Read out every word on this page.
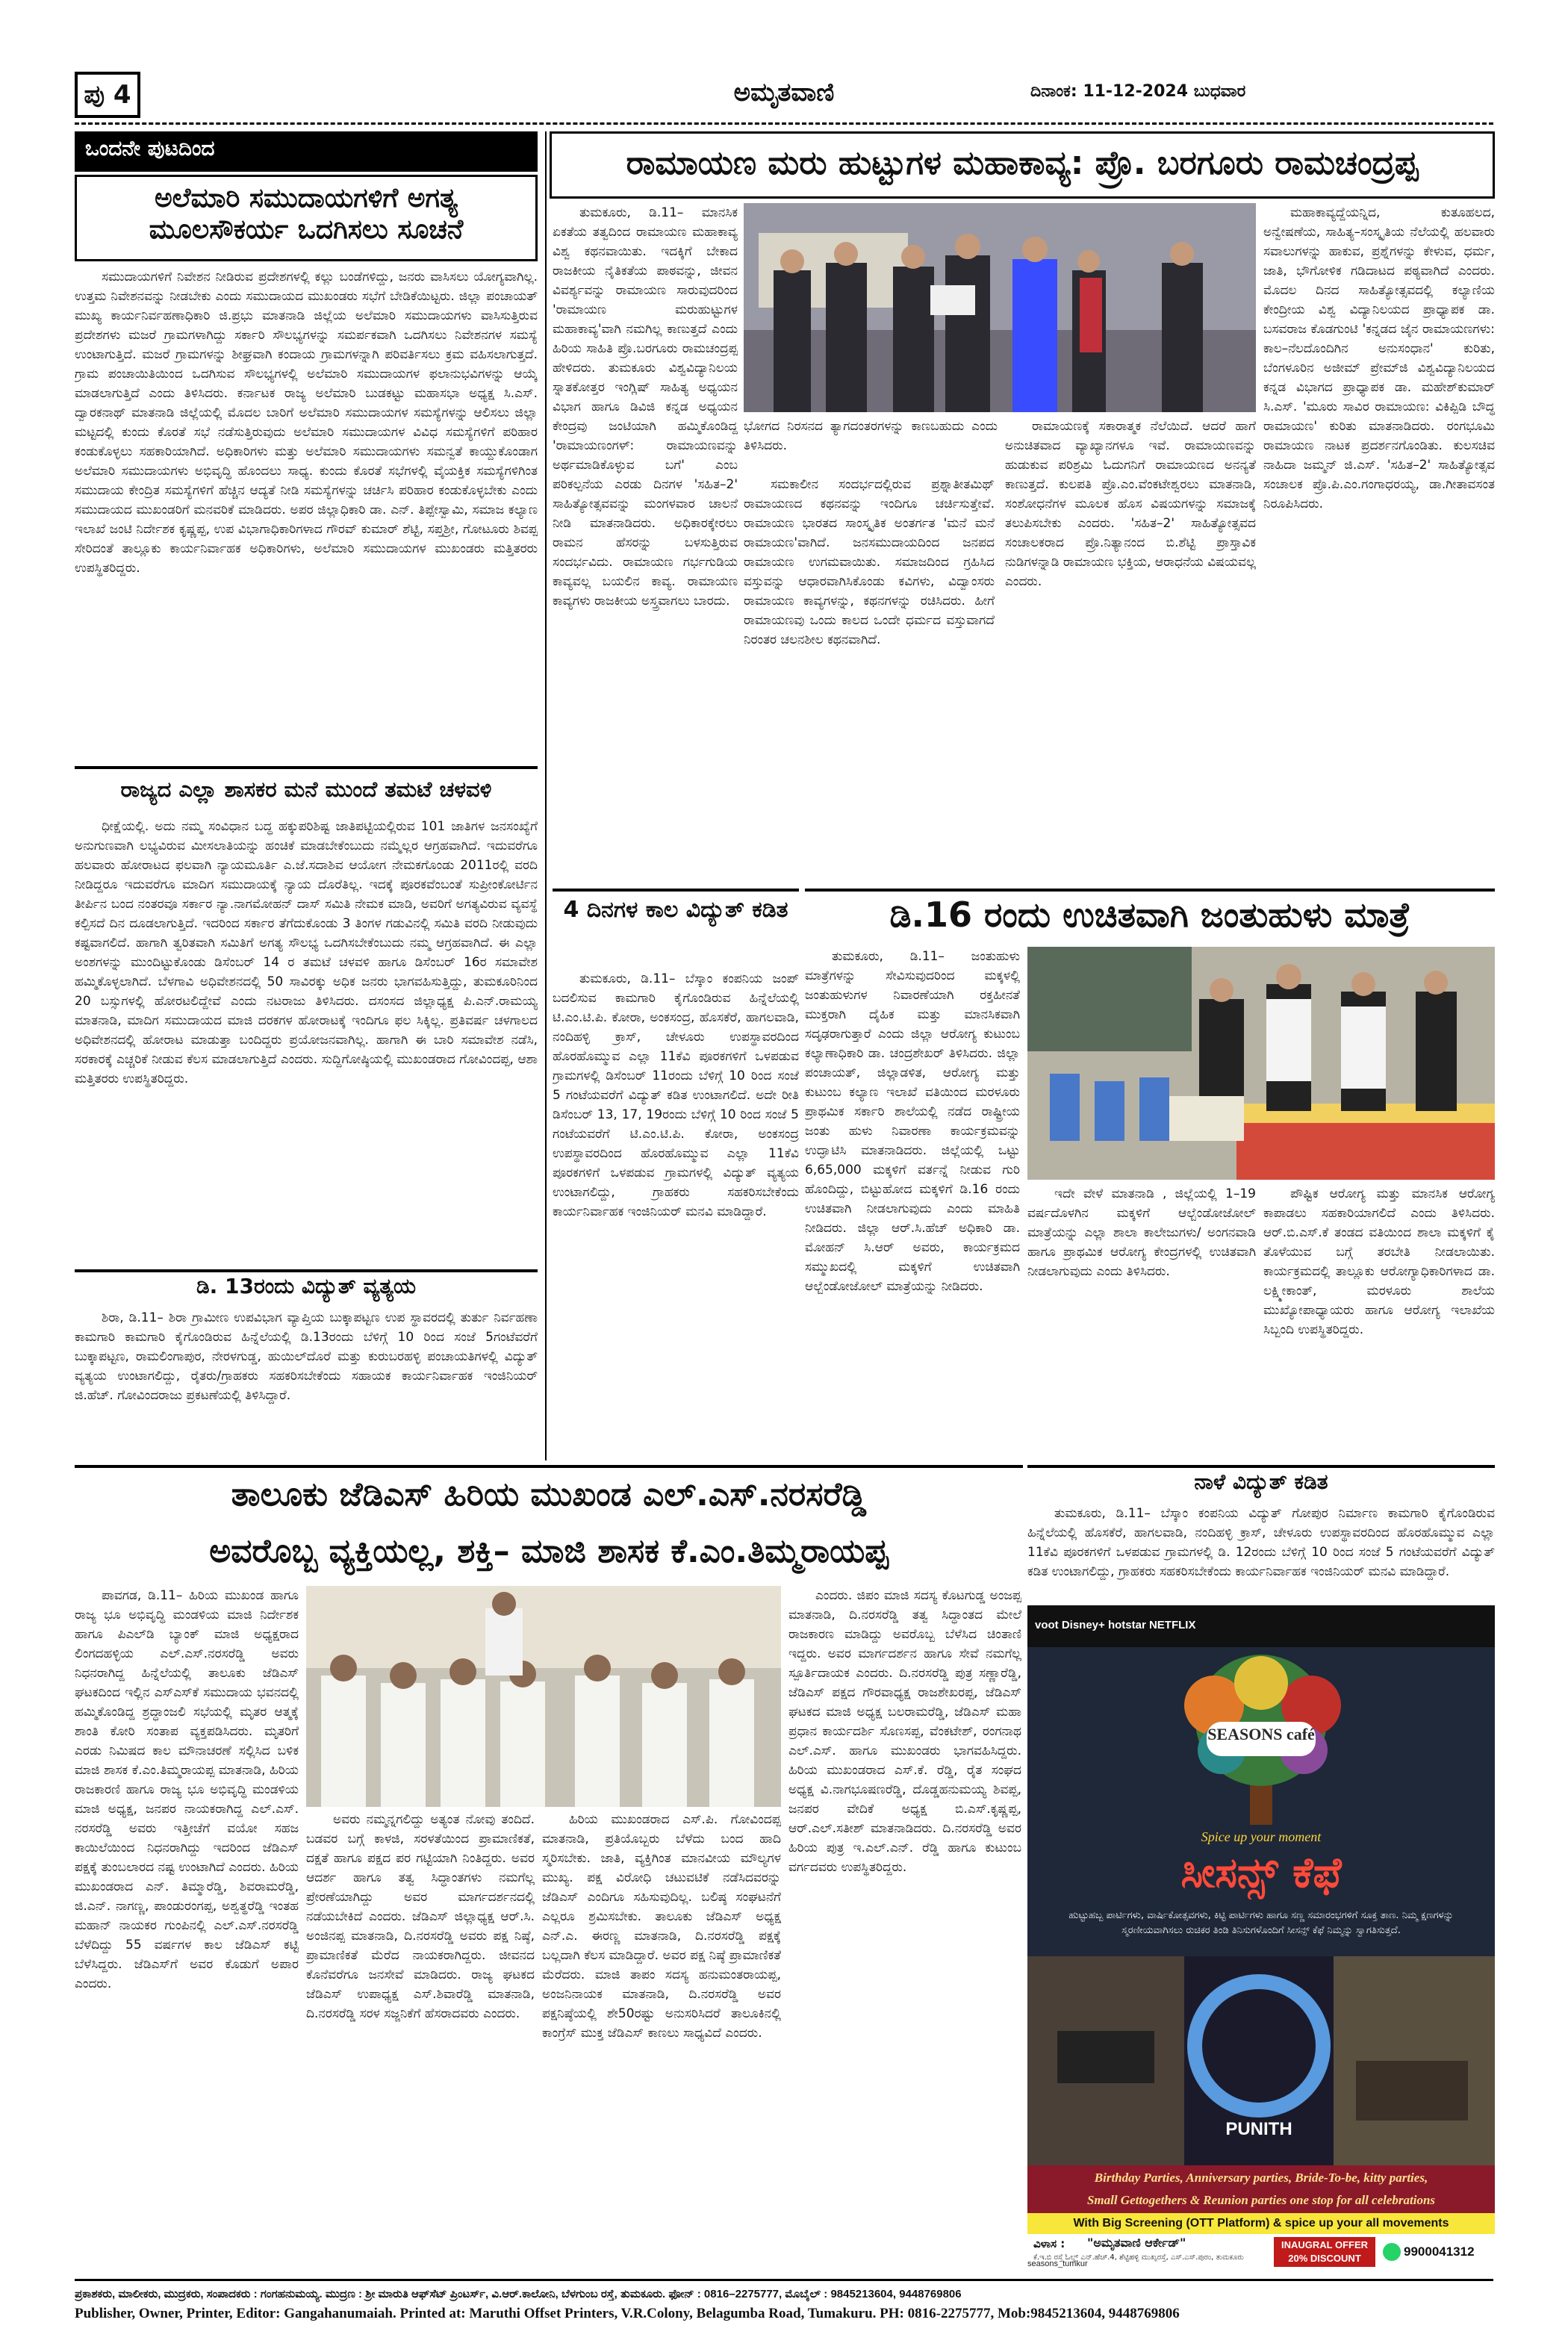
ಪು 4	ಅಮೃತವಾಣಿ	ದಿನಾಂಕ: 11-12-2024 ಬುಧವಾರ
ಒಂದನೇ ಪುಟದಿಂದ
ಅಲೆಮಾರಿ ಸಮುದಾಯಗಳಿಗೆ ಅಗತ್ಯ ಮೂಲಸೌಕರ್ಯ ಒದಗಿಸಲು ಸೂಚನೆ

ಸಮುದಾಯಗಳಿಗೆ ನಿವೇಶನ ನೀಡಿರುವ ಪ್ರದೇಶಗಳಲ್ಲಿ ಕಲ್ಲು ಬಂಡೆಗಳಿದ್ದು, ಜನರು ವಾಸಿಸಲು ಯೋಗ್ಯವಾಗಿಲ್ಲ. ಉತ್ತಮ ನಿವೇಶನವನ್ನು ನೀಡಬೇಕು ಎಂದು ಸಮುದಾಯದ ಮುಖಂಡರು ಸಭೆಗೆ ಬೇಡಿಕೆಯಿಟ್ಟರು. ಜಿಲ್ಲಾ ಪಂಚಾಯತ್ ಮುಖ್ಯ ಕಾರ್ಯನಿರ್ವಹಣಾಧಿಕಾರಿ ಜಿ.ಪ್ರಭು ಮಾತನಾಡಿ ಜಿಲ್ಲೆಯ ಅಲೆಮಾರಿ ಸಮುದಾಯಗಳು ವಾಸಿಸುತ್ತಿರುವ ಪ್ರದೇಶಗಳು ಮಜರೆ ಗ್ರಾಮಗಳಾಗಿದ್ದು ಸರ್ಕಾರಿ ಸೌಲಭ್ಯಗಳನ್ನು ಸಮರ್ಪಕವಾಗಿ ಒದಗಿಸಲು ನಿವೇಶನಗಳ ಸಮಸ್ಯೆ ಉಂಟಾಗುತ್ತಿದೆ. ಮಜರೆ ಗ್ರಾಮಗಳನ್ನು ಶೀಘ್ರವಾಗಿ ಕಂದಾಯ ಗ್ರಾಮಗಳನ್ನಾಗಿ ಪರಿವರ್ತಿಸಲು ಕ್ರಮ ವಹಿಸಲಾಗುತ್ತದೆ. ಗ್ರಾಮ ಪಂಚಾಯಿತಿಯಿಂದ ಒದಗಿಸುವ ಸೌಲಭ್ಯಗಳಲ್ಲಿ ಅಲೆಮಾರಿ ಸಮುದಾಯಗಳ ಫಲಾನುಭವಿಗಳನ್ನು ಆಯ್ಕೆ ಮಾಡಲಾಗುತ್ತಿದೆ ಎಂದು ತಿಳಿಸಿದರು. ಕರ್ನಾಟಕ ರಾಜ್ಯ ಅಲೆಮಾರಿ ಬುಡಕಟ್ಟು ಮಹಾಸಭಾ ಅಧ್ಯಕ್ಷ ಸಿ.ಎಸ್. ದ್ವಾರಕನಾಥ್ ಮಾತನಾಡಿ ಜಿಲ್ಲೆಯಲ್ಲಿ ಮೊದಲ ಬಾರಿಗೆ ಅಲೆಮಾರಿ ಸಮುದಾಯಗಳ ಸಮಸ್ಯೆಗಳನ್ನು ಆಲಿಸಲು ಜಿಲ್ಲಾ ಮಟ್ಟದಲ್ಲಿ ಕುಂದು ಕೊರತೆ ಸಭೆ ನಡೆಸುತ್ತಿರುವುದು ಅಲೆಮಾರಿ ಸಮುದಾಯಗಳ ವಿವಿಧ ಸಮಸ್ಯೆಗಳಿಗೆ ಪರಿಹಾರ ಕಂಡುಕೊಳ್ಳಲು ಸಹಕಾರಿಯಾಗಿದೆ. ಅಧಿಕಾರಿಗಳು ಮತ್ತು ಅಲೆಮಾರಿ ಸಮುದಾಯಗಳು ಸಮನ್ವತೆ ಕಾಯ್ದುಕೊಂಡಾಗ ಅಲೆಮಾರಿ ಸಮುದಾಯಗಳು ಅಭಿವೃದ್ಧಿ ಹೊಂದಲು ಸಾಧ್ಯ. ಕುಂದು ಕೊರತೆ ಸಭೆಗಳಲ್ಲಿ ವೈಯಕ್ತಿಕ ಸಮಸ್ಯೆಗಳಿಗಿಂತ ಸಮುದಾಯ ಕೇಂದ್ರಿತ ಸಮಸ್ಯೆಗಳಿಗೆ ಹೆಚ್ಚಿನ ಆದ್ಯತೆ ನೀಡಿ ಸಮಸ್ಯೆಗಳನ್ನು ಚರ್ಚಿಸಿ ಪರಿಹಾರ ಕಂಡುಕೊಳ್ಳಬೇಕು ಎಂದು ಸಮುದಾಯದ ಮುಖಂಡರಿಗೆ ಮನವರಿಕೆ ಮಾಡಿದರು. ಅಪರ ಜಿಲ್ಲಾಧಿಕಾರಿ ಡಾ. ಎನ್. ತಿಪ್ಪೇಸ್ವಾಮಿ, ಸಮಾಜ ಕಲ್ಯಾಣ ಇಲಾಖೆ ಜಂಟಿ ನಿರ್ದೇಶಕ ಕೃಷ್ಣಪ್ಪ, ಉಪ ವಿಭಾಗಾಧಿಕಾರಿಗಳಾದ ಗೌರವ್ ಕುಮಾರ್ ಶೆಟ್ಟಿ, ಸಪ್ತಶ್ರೀ, ಗೋಟೂರು ಶಿವಪ್ಪ ಸೇರಿದಂತೆ ತಾಲ್ಲೂಕು ಕಾರ್ಯನಿರ್ವಾಹಕ ಅಧಿಕಾರಿಗಳು, ಅಲೆಮಾರಿ ಸಮುದಾಯಗಳ ಮುಖಂಡರು ಮತ್ತಿತರರು ಉಪಸ್ಥಿತರಿದ್ದರು.

ರಾಜ್ಯದ ಎಲ್ಲಾ ಶಾಸಕರ ಮನೆ ಮುಂದೆ ತಮಟೆ ಚಳವಳಿ

ಧೀಕ್ಷೆಯಲ್ಲಿ. ಅದು ನಮ್ಮ ಸಂವಿಧಾನ ಬದ್ಧ ಹಕ್ಕುಪರಿಶಿಷ್ಟ ಜಾತಿಪಟ್ಟಿಯಲ್ಲಿರುವ 101 ಜಾತಿಗಳ ಜನಸಂಖ್ಯೆಗೆ ಅನುಗುಣವಾಗಿ ಲಭ್ಯವಿರುವ ಮೀಸಲಾತಿಯನ್ನು ಹಂಚಿಕೆ ಮಾಡಬೇಕೆಂಬುದು ನಮ್ಮೆಲ್ಲರ ಆಗ್ರಹವಾಗಿದೆ. ಇದುವರೆಗೂ ಹಲವಾರು ಹೋರಾಟದ ಫಲವಾಗಿ ನ್ಯಾಯಮೂರ್ತಿ ಎ.ಜೆ.ಸದಾಶಿವ ಆಯೋಗ ನೇಮಕಗೊಂಡು 2011ರಲ್ಲಿ ವರದಿ ನೀಡಿದ್ದರೂ ಇದುವರೆಗೂ ಮಾದಿಗ ಸಮುದಾಯಕ್ಕೆ ನ್ಯಾಯ ದೊರೆತಿಲ್ಲ. ಇದಕ್ಕೆ ಪೂರಕವೆಂಬಂತೆ ಸುಪ್ರೀಂಕೋರ್ಟಿನ ತೀರ್ಪಿನ ಬಂದ ನಂತರವೂ ಸರ್ಕಾರ ನ್ಯಾ.ನಾಗಮೋಹನ್ ದಾಸ್ ಸಮಿತಿ ನೇಮಕ ಮಾಡಿ, ಅವರಿಗೆ ಅಗತ್ಯವಿರುವ ವ್ಯವಸ್ಥೆ ಕಲ್ಪಿಸದೆ ದಿನ ದೂಡಲಾಗುತ್ತಿದೆ. ಇದರಿಂದ ಸರ್ಕಾರ ತೆಗೆದುಕೊಂಡು 3 ತಿಂಗಳ ಗಡುವಿನಲ್ಲಿ ಸಮಿತಿ ವರದಿ ನೀಡುವುದು ಕಷ್ಟವಾಗಲಿದೆ. ಹಾಗಾಗಿ ತ್ವರಿತವಾಗಿ ಸಮಿತಿಗೆ ಅಗತ್ಯ ಸೌಲಭ್ಯ ಒದಗಿಸಬೇಕೆಂಬುದು ನಮ್ಮ ಆಗ್ರಹವಾಗಿದೆ. ಈ ಎಲ್ಲಾ ಅಂಶಗಳನ್ನು ಮುಂದಿಟ್ಟುಕೊಂಡು ಡಿಸೆಂಬರ್ 14 ರ ತಮಟೆ ಚಳವಳಿ ಹಾಗೂ ಡಿಸೆಂಬರ್ 16ರ ಸಮಾವೇಶ ಹಮ್ಮಿಕೊಳ್ಳಲಾಗಿದೆ. ಬೆಳಗಾವಿ ಅಧಿವೇಶನದಲ್ಲಿ 50 ಸಾವಿರಕ್ಕು ಅಧಿಕ ಜನರು ಭಾಗವಹಿಸುತ್ತಿದ್ದು, ತುಮಕೂರಿನಿಂದ 20 ಬಸ್ಸುಗಳಲ್ಲಿ ಹೋರಟಲಿದ್ದೇವೆ ಎಂದು ನಟರಾಜು ತಿಳಿಸಿದರು. ದಸಂಸದ ಜಿಲ್ಲಾಧ್ಯಕ್ಷ ಪಿ.ಎನ್.ರಾಮಯ್ಯ ಮಾತನಾಡಿ, ಮಾದಿಗ ಸಮುದಾಯದ ಮಾಜಿ ದರಕಗಳ ಹೋರಾಟಕ್ಕೆ ಇಂದಿಗೂ ಫಲ ಸಿಕ್ಕಿಲ್ಲ. ಪ್ರತಿವರ್ಷ ಚಳಗಾಲದ ಅಧಿವೇಶನದಲ್ಲಿ ಹೋರಾಟ ಮಾಡುತ್ತಾ ಬಂದಿದ್ದರು ಪ್ರಯೋಜನವಾಗಿಲ್ಲ. ಹಾಗಾಗಿ ಈ ಬಾರಿ ಸಮಾವೇಶ ನಡೆಸಿ, ಸರಕಾರಕ್ಕೆ ಎಚ್ಚರಿಕೆ ನೀಡುವ ಕೆಲಸ ಮಾಡಲಾಗುತ್ತಿದೆ ಎಂದರು. ಸುದ್ದಿಗೋಷ್ಠಿಯಲ್ಲಿ ಮುಖಂಡರಾದ ಗೋವಿಂದಪ್ಪ, ಆಶಾ ಮತ್ತಿತರರು ಉಪಸ್ಥಿತರಿದ್ದರು.

ಡಿ. 13ರಂದು ವಿದ್ಯುತ್ ವ್ಯತ್ಯಯ

ಶಿರಾ, ಡಿ.11– ಶಿರಾ ಗ್ರಾಮೀಣ ಉಪವಿಭಾಗ ವ್ಯಾಪ್ತಿಯ ಬುಕ್ಕಾಪಟ್ಟಣ ಉಪ ಸ್ಥಾವರದಲ್ಲಿ ತುರ್ತು ನಿರ್ವಹಣಾ ಕಾಮಗಾರಿ ಕಾಮಗಾರಿ ಕೈಗೊಂಡಿರುವ ಹಿನ್ನೆಲೆಯಲ್ಲಿ ಡಿ.13ರಂದು ಬೆಳಿಗ್ಗೆ 10 ರಿಂದ ಸಂಜೆ 5ಗಂಟೆವರೆಗೆ ಬುಕ್ಕಾಪಟ್ಟಣ, ರಾಮಲಿಂಗಾಪುರ, ನೇರಳಗುಡ್ಡ, ಹುಯಿಲ್‌ದೊರೆ ಮತ್ತು ಕುರುಬರಹಳ್ಳಿ ಪಂಚಾಯತಿಗಳಲ್ಲಿ ವಿದ್ಯುತ್ ವ್ಯತ್ಯಯ ಉಂಟಾಗಲಿದ್ದು, ರೈತರು/ಗ್ರಾಹಕರು ಸಹಕರಿಸಬೇಕೆಂದು ಸಹಾಯಕ ಕಾರ್ಯನಿರ್ವಾಹಕ ಇಂಜಿನಿಯರ್ ಜಿ.ಹೆಚ್. ಗೋವಿಂದರಾಜು ಪ್ರಕಟಣೆಯಲ್ಲಿ ತಿಳಿಸಿದ್ದಾರೆ.

ರಾಮಾಯಣ ಮರು ಹುಟ್ಟುಗಳ ಮಹಾಕಾವ್ಯ: ಪ್ರೊ. ಬರಗೂರು ರಾಮಚಂದ್ರಪ್ಪ

ತುಮಕೂರು, ಡಿ.11– ಮಾನಸಿಕ ಏಕತೆಯ ತತ್ವದಿಂದ ರಾಮಾಯಣ ಮಹಾಕಾವ್ಯ ವಿಶ್ವ ಕಥನವಾಯಿತು. ಇದಕ್ಕಿಗೆ ಬೇಕಾದ ರಾಜಕೀಯ ನೈತಿಕತೆಯ ಪಾಠವನ್ನು, ಜೀವನ ವಿವರ್ಶ್ಯವನ್ನು ರಾಮಾಯಣ ಸಾರುವುದರಿಂದ 'ರಾಮಾಯಣ ಮರುಹುಟ್ಟುಗಳ ಮಹಾಕಾವ್ಯ'ವಾಗಿ ನಮಗಿಲ್ಲ ಕಾಣುತ್ತದೆ ಎಂದು ಹಿರಿಯ ಸಾಹಿತಿ ಪ್ರೊ.ಬರಗೂರು ರಾಮಚಂದ್ರಪ್ಪ ಹೇಳಿದರು. ತುಮಕೂರು ವಿಶ್ವವಿದ್ಯಾನಿಲಯ ಸ್ನಾತಕೋತ್ತರ ಇಂಗ್ಲಿಷ್ ಸಾಹಿತ್ಯ ಅಧ್ಯಯನ ವಿಭಾಗ ಹಾಗೂ ಡಿವಿಜಿ ಕನ್ನಡ ಅಧ್ಯಯನ ಕೇಂದ್ರವು ಜಂಟಿಯಾಗಿ ಹಮ್ಮಿಕೊಂಡಿದ್ದ 'ರಾಮಾಯಣಂಗಳ್: ರಾಮಾಯಣವನ್ನು ಅರ್ಥಮಾಡಿಕೊಳ್ಳುವ ಬಗೆ' ಎಂಬ ಪರಿಕಲ್ಪನೆಯ ಎರಡು ದಿನಗಳ 'ಸಹಿತ–2' ಸಾಹಿತ್ಯೋತ್ಸವವನ್ನು ಮಂಗಳವಾರ ಚಾಲನೆ ನೀಡಿ ಮಾತನಾಡಿದರು. ಅಧಿಕಾರಕ್ಕೇರಲು ರಾಮನ ಹೆಸರನ್ನು ಬಳಸುತ್ತಿರುವ ಸಂದರ್ಭವಿದು. ರಾಮಾಯಣ ಗರ್ಭಗುಡಿಯ ಕಾವ್ಯವಲ್ಲ ಬಯಲಿನ ಕಾವ್ಯ. ರಾಮಾಯಣ ಕಾವ್ಯಗಳು ರಾಜಕೀಯ ಅಸ್ತ್ರವಾಗಲು ಬಾರದು.

ಭೋಗದ ನಿರಸನದ ತ್ಯಾಗದಂತರಗಳನ್ನು ಕಾಣಬಹುದು ಎಂದು ತಿಳಿಸಿದರು.

ಸಮಕಾಲೀನ ಸಂದರ್ಭದಲ್ಲಿರುವ ಪ್ರಶ್ನಾತೀತಮಿಥ್ ರಾಮಾಯಣದ ಕಥನವನ್ನು ಇಂದಿಗೂ ಚರ್ಚಿಸುತ್ತೇವೆ. ರಾಮಾಯಣ ಭಾರತದ ಸಾಂಸ್ಕೃತಿಕ ಅಂತರ್ಗತ 'ಮನೆ ಮನೆ ರಾಮಾಯಣ'ವಾಗಿದೆ. ಜನಸಮುದಾಯದಿಂದ ಜನಪದ ರಾಮಾಯಣ ಉಗಮವಾಯಿತು. ಸಮಾಜದಿಂದ ಗ್ರಹಿಸಿದ ವಸ್ತುವನ್ನು ಆಧಾರವಾಗಿಸಿಕೊಂಡು ಕವಿಗಳು, ವಿದ್ವಾಂಸರು ರಾಮಾಯಣ ಕಾವ್ಯಗಳನ್ನು, ಕಥನಗಳನ್ನು ರಚಿಸಿದರು. ಹೀಗೆ ರಾಮಾಯಣವು ಒಂದು ಕಾಲದ ಒಂದೇ ಧರ್ಮದ ವಸ್ತುವಾಗದೆ ನಿರಂತರ ಚಲನಶೀಲ ಕಥನವಾಗಿದೆ.

ರಾಮಾಯಣಕ್ಕೆ ಸಕಾರಾತ್ಮಕ ನೆಲೆಯಿದೆ. ಆದರೆ ಹಾಗೆ ಅನುಚಿತವಾದ ವ್ಯಾಖ್ಯಾನಗಳೂ ಇವೆ. ರಾಮಾಯಣವನ್ನು ಹುಡುಕುವ ಪರಿಶ್ರಮಿ ಓದುಗನಿಗೆ ರಾಮಾಯಣದ ಅನನ್ಯತೆ ಕಾಣುತ್ತದೆ. ಕುಲಪತಿ ಪ್ರೊ.ಎಂ.ವೆಂಕಟೇಶ್ವರಲು ಮಾತನಾಡಿ, ಸಂಶೋಧನೆಗಳ ಮೂಲಕ ಹೊಸ ವಿಷಯಗಳನ್ನು ಸಮಾಜಕ್ಕೆ ತಲುಪಿಸಬೇಕು ಎಂದರು. 'ಸಹಿತ–2' ಸಾಹಿತ್ಯೋತ್ಸವದ ಸಂಚಾಲಕರಾದ ಪ್ರೊ.ನಿತ್ಯಾನಂದ ಬಿ.ಶೆಟ್ಟಿ ಪ್ರಾಸ್ತಾವಿಕ ನುಡಿಗಳನ್ನಾಡಿ ರಾಮಾಯಣ ಭಕ್ತಿಯ, ಆರಾಧನೆಯ ವಿಷಯವಲ್ಲ ಎಂದರು.

ಮಹಾಕಾವ್ಯದ್ದೆಯನ್ನಿದ, ಕುತೂಹಲದ, ಅನ್ವೇಷಣೆಯ, ಸಾಹಿತ್ಯ–ಸಂಸ್ಕೃತಿಯ ನೆಲೆಯಲ್ಲಿ ಹಲವಾರು ಸವಾಲುಗಳನ್ನು ಹಾಕುವ, ಪ್ರಶ್ನೆಗಳನ್ನು ಕೇಳುವ, ಧರ್ಮ, ಜಾತಿ, ಭೌಗೋಳಿಕ ಗಡಿದಾಟದ ಪಠ್ಯವಾಗಿದೆ ಎಂದರು. ಮೊದಲ ದಿನದ ಸಾಹಿತ್ಯೋತ್ಸವದಲ್ಲಿ ಕಲ್ಯಾಣಿಯ ಕೇಂದ್ರೀಯ ವಿಶ್ವ ವಿದ್ಯಾನಿಲಯದ ಪ್ರಾಧ್ಯಾಪಕ ಡಾ. ಬಸವರಾಜ ಕೊಡಗುಂಟಿ 'ಕನ್ನಡದ ಜೈನ ರಾಮಾಯಣಗಳು: ಕಾಲ–ನೆಲದೊಂದಿಗಿನ ಅನುಸಂಧಾನ' ಕುರಿತು, ಬೆಂಗಳೂರಿನ ಅಜೀಮ್ ಪ್ರೇಮ್‌ಜಿ ವಿಶ್ವವಿದ್ಯಾನಿಲಯದ ಕನ್ನಡ ವಿಭಾಗದ ಪ್ರಾಧ್ಯಾಪಕ ಡಾ. ಮಹೇಶ್‌ಕುಮಾರ್ ಸಿ.ಎಸ್. 'ಮೂರು ಸಾವಿರ ರಾಮಾಯಣ: ವಿಕಿಪ್ಪಿಡಿ ಬೌದ್ಧ ರಾಮಾಯಣ' ಕುರಿತು ಮಾತನಾಡಿದರು. ರಂಗಭೂಮಿ ರಾಮಾಯಣ ನಾಟಕ ಪ್ರದರ್ಶನಗೊಂಡಿತು. ಕುಲಸಚಿವ ನಾಹಿದಾ ಜಮ್ಮನ್ ಜಿ.ಎಸ್. 'ಸಹಿತ–2' ಸಾಹಿತ್ಯೋತ್ಸವ ಸಂಚಾಲಕ ಪ್ರೊ.ಪಿ.ಎಂ.ಗಂಗಾಧರಯ್ಯ, ಡಾ.ಗೀತಾವಸಂತ ನಿರೂಪಿಸಿದರು.

4 ದಿನಗಳ ಕಾಲ ವಿದ್ಯುತ್ ಕಡಿತ

ತುಮಕೂರು, ಡಿ.11– ಬೆಸ್ಕಾಂ ಕಂಪನಿಯ ಜಂಪ್ ಬದಲಿಸುವ ಕಾಮಗಾರಿ ಕೈಗೊಂಡಿರುವ ಹಿನ್ನೆಲೆಯಲ್ಲಿ ಟಿ.ಎಂ.ಟಿ.ಪಿ. ಕೋರಾ, ಅಂಕಸಂದ್ರ, ಹೊಸಕೆರೆ, ಹಾಗಲವಾಡಿ, ನಂದಿಹಳ್ಳಿ ಕ್ರಾಸ್, ಚೇಳೂರು ಉಪಸ್ಥಾವರದಿಂದ ಹೊರಹೊಮ್ಮುವ ಎಲ್ಲಾ 11ಕೆವಿ ಪೂರಕಗಳಿಗೆ ಒಳಪಡುವ ಗ್ರಾಮಗಳಲ್ಲಿ ಡಿಸೆಂಬರ್ 11ರಂದು ಬೆಳಿಗ್ಗೆ 10 ರಿಂದ ಸಂಜೆ 5 ಗಂಟೆಯವರೆಗೆ ವಿದ್ಯುತ್ ಕಡಿತ ಉಂಟಾಗಲಿದೆ. ಅದೇ ರೀತಿ ಡಿಸೆಂಬರ್ 13, 17, 19ರಂದು ಬೆಳಿಗ್ಗೆ 10 ರಿಂದ ಸಂಜೆ 5 ಗಂಟೆಯವರೆಗೆ ಟಿ.ಎಂ.ಟಿ.ಪಿ. ಕೋರಾ, ಅಂಕಸಂದ್ರ ಉಪಸ್ಥಾವರದಿಂದ ಹೊರಹೊಮ್ಮುವ ಎಲ್ಲಾ 11ಕೆವಿ ಪೂರಕಗಳಿಗೆ ಒಳಪಡುವ ಗ್ರಾಮಗಳಲ್ಲಿ ವಿದ್ಯುತ್ ವ್ಯತ್ಯಯ ಉಂಟಾಗಲಿದ್ದು, ಗ್ರಾಹಕರು ಸಹಕರಿಸಬೇಕೆಂದು ಕಾರ್ಯನಿರ್ವಾಹಕ ಇಂಜಿನಿಯರ್ ಮನವಿ ಮಾಡಿದ್ದಾರೆ.

ಡಿ.16 ರಂದು ಉಚಿತವಾಗಿ ಜಂತುಹುಳು ಮಾತ್ರೆ

ತುಮಕೂರು, ಡಿ.11– ಜಂತುಹುಳು ಮಾತ್ರೆಗಳನ್ನು ಸೇವಿಸುವುದರಿಂದ ಮಕ್ಕಳಲ್ಲಿ ಜಂತುಹುಳುಗಳ ನಿವಾರಣೆಯಾಗಿ ರಕ್ತಹೀನತೆ ಮುಕ್ತರಾಗಿ ದೈಹಿಕ ಮತ್ತು ಮಾನಸಿಕವಾಗಿ ಸದೃಢರಾಗುತ್ತಾರೆ ಎಂದು ಜಿಲ್ಲಾ ಆರೋಗ್ಯ ಕುಟುಂಬ ಕಲ್ಯಾಣಾಧಿಕಾರಿ ಡಾ. ಚಂದ್ರಶೇಖರ್ ತಿಳಿಸಿದರು. ಜಿಲ್ಲಾ ಪಂಚಾಯತ್, ಜಿಲ್ಲಾಡಳಿತ, ಆರೋಗ್ಯ ಮತ್ತು ಕುಟುಂಬ ಕಲ್ಯಾಣ ಇಲಾಖೆ ವತಿಯಿಂದ ಮರಳೂರು ಪ್ರಾಥಮಿಕ ಸರ್ಕಾರಿ ಶಾಲೆಯಲ್ಲಿ ನಡೆದ ರಾಷ್ಟ್ರೀಯ ಜಂತು ಹುಳು ನಿವಾರಣಾ ಕಾರ್ಯಕ್ರಮವನ್ನು ಉದ್ಘಾಟಿಸಿ ಮಾತನಾಡಿದರು. ಜಿಲ್ಲೆಯಲ್ಲಿ ಒಟ್ಟು 6,65,000 ಮಕ್ಕಳಿಗೆ ವರ್ತನ್ನೆ ನೀಡುವ ಗುರಿ ಹೊಂದಿದ್ದು, ಬಿಟ್ಟುಹೋದ ಮಕ್ಕಳಿಗೆ ಡಿ.16 ರಂದು ಉಚಿತವಾಗಿ ನೀಡಲಾಗುವುದು ಎಂದು ಮಾಹಿತಿ ನೀಡಿದರು. ಜಿಲ್ಲಾ ಆರ್.ಸಿ.ಹೆಚ್ ಅಧಿಕಾರಿ ಡಾ. ಮೋಹನ್ ಸಿ.ಆರ್ ಅವರು, ಕಾರ್ಯಕ್ರಮದ ಸಮ್ಮುಖದಲ್ಲಿ ಮಕ್ಕಳಿಗೆ ಉಚಿತವಾಗಿ ಆಲ್ಬೆಂಡೋಜೋಲ್ ಮಾತ್ರೆಯನ್ನು ನೀಡಿದರು.

ಇದೇ ವೇಳೆ ಮಾತನಾಡಿ , ಜಿಲ್ಲೆಯಲ್ಲಿ 1–19 ವರ್ಷದೊಳಗಿನ ಮಕ್ಕಳಿಗೆ ಆಲ್ಬೆಂಡೋಜೋಲ್ ಮಾತ್ರೆಯನ್ನು ಎಲ್ಲಾ ಶಾಲಾ ಕಾಲೇಜುಗಳು/ ಅಂಗನವಾಡಿ ಹಾಗೂ ಪ್ರಾಥಮಿಕ ಆರೋಗ್ಯ ಕೇಂದ್ರಗಳಲ್ಲಿ ಉಚಿತವಾಗಿ ನೀಡಲಾಗುವುದು ಎಂದು ತಿಳಿಸಿದರು.

ಪೌಷ್ಟಿಕ ಆರೋಗ್ಯ ಮತ್ತು ಮಾನಸಿಕ ಆರೋಗ್ಯ ಕಾಪಾಡಲು ಸಹಕಾರಿಯಾಗಲಿದೆ ಎಂದು ತಿಳಿಸಿದರು. ಆರ್.ಬಿ.ಎಸ್.ಕೆ ತಂಡದ ವತಿಯಿಂದ ಶಾಲಾ ಮಕ್ಕಳಿಗೆ ಕೈ ತೊಳೆಯುವ ಬಗ್ಗೆ ತರಬೇತಿ ನೀಡಲಾಯಿತು. ಕಾರ್ಯಕ್ರಮದಲ್ಲಿ ತಾಲ್ಲೂಕು ಆರೋಗ್ಯಾಧಿಕಾರಿಗಳಾದ ಡಾ. ಲಕ್ಷ್ಮೀಕಾಂತ್, ಮರಳೂರು ಶಾಲೆಯ ಮುಖ್ಯೋಪಾಧ್ಯಾಯರು ಹಾಗೂ ಆರೋಗ್ಯ ಇಲಾಖೆಯ ಸಿಬ್ಬಂದಿ ಉಪಸ್ಥಿತರಿದ್ದರು.

ನಾಳೆ ವಿದ್ಯುತ್ ಕಡಿತ

ತುಮಕೂರು, ಡಿ.11– ಬೆಸ್ಕಾಂ ಕಂಪನಿಯ ವಿದ್ಯುತ್ ಗೋಪುರ ನಿರ್ಮಾಣ ಕಾಮಗಾರಿ ಕೈಗೊಂಡಿರುವ ಹಿನ್ನೆಲೆಯಲ್ಲಿ ಹೊಸಕೆರೆ, ಹಾಗಲವಾಡಿ, ನಂದಿಹಳ್ಳಿ ಕ್ರಾಸ್, ಚೇಳೂರು ಉಪಸ್ಥಾವರದಿಂದ ಹೊರಹೊಮ್ಮುವ ಎಲ್ಲಾ 11ಕೆವಿ ಪೂರಕಗಳಿಗೆ ಒಳಪಡುವ ಗ್ರಾಮಗಳಲ್ಲಿ ಡಿ. 12ರಂದು ಬೆಳಿಗ್ಗೆ 10 ರಿಂದ ಸಂಜೆ 5 ಗಂಟೆಯವರೆಗೆ ವಿದ್ಯುತ್ ಕಡಿತ ಉಂಟಾಗಲಿದ್ದು, ಗ್ರಾಹಕರು ಸಹಕರಿಸಬೇಕೆಂದು ಕಾರ್ಯನಿರ್ವಾಹಕ ಇಂಜಿನಿಯರ್ ಮನವಿ ಮಾಡಿದ್ದಾರೆ.

ತಾಲೂಕು ಜೆಡಿಎಸ್ ಹಿರಿಯ ಮುಖಂಡ ಎಲ್.ಎಸ್.ನರಸರೆಡ್ಡಿ
ಅವರೊಬ್ಬ ವ್ಯಕ್ತಿಯಲ್ಲ, ಶಕ್ತಿ– ಮಾಜಿ ಶಾಸಕ ಕೆ.ಎಂ.ತಿಮ್ಮರಾಯಪ್ಪ

ಪಾವಗಡ, ಡಿ.11– ಹಿರಿಯ ಮುಖಂಡ ಹಾಗೂ ರಾಜ್ಯ ಭೂ ಅಭಿವೃದ್ಧಿ ಮಂಡಳಿಯ ಮಾಜಿ ನಿರ್ದೇಶಕ ಹಾಗೂ ಪಿಎಲ್‌ಡಿ ಬ್ಯಾಂಕ್ ಮಾಜಿ ಅಧ್ಯಕ್ಷರಾದ ಲಿಂಗದಹಳ್ಳಿಯ ಎಲ್.ಎಸ್.ನರಸರೆಡ್ಡಿ ಅವರು ನಿಧನರಾಗಿದ್ದ ಹಿನ್ನೆಲೆಯಲ್ಲಿ ತಾಲೂಕು ಜೆಡಿಎಸ್ ಘಟಕದಿಂದ ಇಲ್ಲಿನ ಎಸ್‌ಎಸ್‌ಕೆ ಸಮುದಾಯ ಭವನದಲ್ಲಿ ಹಮ್ಮಿಕೊಂಡಿದ್ದ ಶ್ರದ್ಧಾಂಜಲಿ ಸಭೆಯಲ್ಲಿ ಮೃತರ ಆತ್ಮಕ್ಕೆ ಶಾಂತಿ ಕೋರಿ ಸಂತಾಪ ವ್ಯಕ್ತಪಡಿಸಿದರು. ಮೃತರಿಗೆ ಎರಡು ನಿಮಿಷದ ಕಾಲ ಮೌನಾಚರಣೆ ಸಲ್ಲಿಸಿದ ಬಳಿಕ ಮಾಜಿ ಶಾಸಕ ಕೆ.ಎಂ.ತಿಮ್ಮರಾಯಪ್ಪ ಮಾತನಾಡಿ, ಹಿರಿಯ ರಾಜಕಾರಣಿ ಹಾಗೂ ರಾಜ್ಯ ಭೂ ಅಭಿವೃದ್ಧಿ ಮಂಡಳಿಯ ಮಾಜಿ ಅಧ್ಯಕ್ಷ, ಜನಪರ ನಾಯಕರಾಗಿದ್ದ ಎಲ್.ಎಸ್. ನರಸರೆಡ್ಡಿ ಅವರು ಇತ್ತೀಚೆಗೆ ವಯೋ ಸಹಜ ಕಾಯಿಲೆಯಿಂದ ನಿಧನರಾಗಿದ್ದು ಇದರಿಂದ ಜೆಡಿಎಸ್ ಪಕ್ಷಕ್ಕೆ ತುಂಬಲಾರದ ನಷ್ಟ ಉಂಟಾಗಿದೆ ಎಂದರು. ಹಿರಿಯ ಮುಖಂಡರಾದ ಎನ್. ತಿಮ್ಮಾರೆಡ್ಡಿ, ಶಿವರಾಮರೆಡ್ಡಿ, ಜಿ.ಎನ್. ನಾಗಣ್ಣ, ಪಾಂಡುರಂಗಪ್ಪ, ಅಶ್ವತ್ಥರೆಡ್ಡಿ ಇಂತಹ ಮಹಾನ್ ನಾಯಕರ ಗುಂಪಿನಲ್ಲಿ ಎಲ್.ಎಸ್.ನರಸರೆಡ್ಡಿ ಬೆಳೆದಿದ್ದು 55 ವರ್ಷಗಳ ಕಾಲ ಜೆಡಿಎಸ್ ಕಟ್ಟಿ ಬೆಳೆಸಿದ್ದರು. ಜೆಡಿಎಸ್‌ಗೆ ಅವರ ಕೊಡುಗೆ ಅಪಾರ ಎಂದರು.

ಅವರು ನಮ್ಮನ್ನಗಲಿದ್ದು ಅತ್ಯಂತ ನೋವು ತಂದಿದೆ. ಬಡವರ ಬಗ್ಗೆ ಕಾಳಜಿ, ಸರಳತೆಯಿಂದ ಪ್ರಾಮಾಣಿಕತೆ, ದಕ್ಷತೆ ಹಾಗೂ ಪಕ್ಷದ ಪರ ಗಟ್ಟಿಯಾಗಿ ನಿಂತಿದ್ದರು. ಅವರ ಆದರ್ಶ ಹಾಗೂ ತತ್ವ ಸಿದ್ಧಾಂತಗಳು ನಮಗೆಲ್ಲ ಪ್ರೇರಣೆಯಾಗಿದ್ದು ಅವರ ಮಾರ್ಗದರ್ಶನದಲ್ಲಿ ನಡೆಯಬೇಕಿದೆ ಎಂದರು. ಜೆಡಿಎಸ್ ಜಿಲ್ಲಾಧ್ಯಕ್ಷ ಆರ್.ಸಿ. ಅಂಜಿನಪ್ಪ ಮಾತನಾಡಿ, ದಿ.ನರಸರೆಡ್ಡಿ ಅವರು ಪಕ್ಷ ನಿಷ್ಠೆ, ಪ್ರಾಮಾಣಿಕತೆ ಮೆರೆದ ನಾಯಕರಾಗಿದ್ದರು. ಜೀವನದ ಕೊನೆವರೆಗೂ ಜನಸೇವೆ ಮಾಡಿದರು. ರಾಜ್ಯ ಘಟಕದ ಜೆಡಿಎಸ್ ಉಪಾಧ್ಯಕ್ಷ ಎಸ್.ಶಿವಾರೆಡ್ಡಿ ಮಾತನಾಡಿ, ದಿ.ನರಸರೆಡ್ಡಿ ಸರಳ ಸಜ್ಜನಿಕೆಗೆ ಹೆಸರಾದವರು ಎಂದರು.

ಹಿರಿಯ ಮುಖಂಡರಾದ ಎಸ್.ಪಿ. ಗೋವಿಂದಪ್ಪ ಮಾತನಾಡಿ, ಪ್ರತಿಯೊಬ್ಬರು ಬೆಳೆದು ಬಂದ ಹಾದಿ ಸ್ಮರಿಸಬೇಕು. ಜಾತಿ, ವ್ಯಕ್ತಿಗಿಂತ ಮಾನವೀಯ ಮೌಲ್ಯಗಳ ಮುಖ್ಯ. ಪಕ್ಷ ವಿರೋಧಿ ಚಟುವಟಿಕೆ ನಡೆಸಿದವರನ್ನು ಜೆಡಿಎಸ್ ಎಂದಿಗೂ ಸಹಿಸುವುದಿಲ್ಲ. ಬಲಿಷ್ಠ ಸಂಘಟನೆಗೆ ಎಲ್ಲರೂ ಶ್ರಮಿಸಬೇಕು. ತಾಲೂಕು ಜೆಡಿಎಸ್ ಅಧ್ಯಕ್ಷ ಎನ್.ಎ. ಈರಣ್ಣ ಮಾತನಾಡಿ, ದಿ.ನರಸರೆಡ್ಡಿ ಪಕ್ಷಕ್ಕೆ ಬಲ್ಲದಾಗಿ ಕೆಲಸ ಮಾಡಿದ್ದಾರೆ. ಅವರ ಪಕ್ಷ ನಿಷ್ಠೆ ಪ್ರಾಮಾಣಿಕತೆ ಮೆರೆದರು. ಮಾಜಿ ತಾಪಂ ಸದಸ್ಯ ಹನುಮಂತರಾಯಪ್ಪ, ಅಂಜನಿನಾಯಕ ಮಾತನಾಡಿ, ದಿ.ನರಸರೆಡ್ಡಿ ಅವರ ಪಕ್ಷನಿಷ್ಠೆಯಲ್ಲಿ ಶೇ50ರಷ್ಟು ಅನುಸರಿಸಿದರೆ ತಾಲೂಕಿನಲ್ಲಿ ಕಾಂಗ್ರೆಸ್ ಮುಕ್ತ ಜೆಡಿಎಸ್ ಕಾಣಲು ಸಾಧ್ಯವಿದೆ ಎಂದರು.

ಎಂದರು. ಜಿಪಂ ಮಾಜಿ ಸದಸ್ಯ ಕೊಟಗುಡ್ಡ ಅಂಜಪ್ಪ ಮಾತನಾಡಿ, ದಿ.ನರಸರೆಡ್ಡಿ ತತ್ವ ಸಿದ್ಧಾಂತದ ಮೇಲೆ ರಾಜಕಾರಣ ಮಾಡಿದ್ದು ಅವರೊಬ್ಬ ಬೆಳೆಸಿದ ಚಿಂತಾಣಿ ಇದ್ದರು. ಅವರ ಮಾರ್ಗದರ್ಶನ ಹಾಗೂ ಸೇವೆ ನಮಗೆಲ್ಲ ಸ್ಪೂರ್ತಿದಾಯಕ ಎಂದರು. ದಿ.ನರಸರೆಡ್ಡಿ ಪುತ್ರ ಸಣ್ಣಾರೆಡ್ಡಿ, ಜೆಡಿಎಸ್ ಪಕ್ಷದ ಗೌರವಾಧ್ಯಕ್ಷ ರಾಜಶೇಖರಪ್ಪ, ಜೆಡಿಎಸ್ ಘಟಕದ ಮಾಜಿ ಅಧ್ಯಕ್ಷ ಬಲರಾಮರೆಡ್ಡಿ, ಜೆಡಿಎಸ್ ಮಹಾ ಪ್ರಧಾನ ಕಾರ್ಯದರ್ಶಿ ಸೊಣಸಪ್ಪ, ವೆಂಕಟೇಶ್, ರಂಗನಾಥ ಎಲ್.ಎಸ್. ಹಾಗೂ ಮುಖಂಡರು ಭಾಗವಹಿಸಿದ್ದರು. ಹಿರಿಯ ಮುಖಂಡರಾದ ಎಸ್.ಕೆ. ರೆಡ್ಡಿ, ರೈತ ಸಂಘದ ಅಧ್ಯಕ್ಷ ವಿ.ನಾಗಭೂಷಣರೆಡ್ಡಿ, ದೊಡ್ಡಹನುಮಯ್ಯ ಶಿವಪ್ಪ, ಜನಪರ ವೇದಿಕೆ ಅಧ್ಯಕ್ಷ ಬಿ.ಎಸ್.ಕೃಷ್ಣಪ್ಪ, ಆರ್.ಎಲ್.ಸತೀಶ್ ಮಾತನಾಡಿದರು. ದಿ.ನರಸರೆಡ್ಡಿ ಅವರ ಹಿರಿಯ ಪುತ್ರ ಇ.ಎಲ್.ಎನ್. ರೆಡ್ಡಿ ಹಾಗೂ ಕುಟುಂಬ ವರ್ಗದವರು ಉಪಸ್ಥಿತರಿದ್ದರು.

voot Disney+ hotstar NETFLIX
SEASONS café
Spice up your moment
ಸೀಸನ್ಸ್ ಕೆಫೆ
ಹುಟ್ಟುಹಬ್ಬ ಪಾರ್ಟಿಗಳು, ವಾರ್ಷಿಕೋತ್ಸವಗಳು, ಕಿಟ್ಟಿ ಪಾರ್ಟಿಗಳು ಹಾಗೂ ಸಣ್ಣ ಸಮಾರಂಭಗಳಿಗೆ ಸೂಕ್ತ ತಾಣ. ನಿಮ್ಮ ಕ್ಷಣಗಳನ್ನು ಸ್ಮರಣೀಯವಾಗಿಸಲು ರುಚಿಕರ ತಿಂಡಿ ತಿನಿಸುಗಳೊಂದಿಗೆ ಸೀಸನ್ಸ್ ಕೆಫೆ ನಿಮ್ಮನ್ನು ಸ್ವಾಗತಿಸುತ್ತದೆ.
PUNITH
Birthday Parties, Anniversary parties, Bride-To-be, kitty parties,
Small Gettogethers & Reunion parties one stop for all celebrations
With Big Screening (OTT Platform) & spice up your all movements
ವಿಳಾಸ : "ಅಮೃತವಾಣಿ ಆರ್ಕೇಡ್"
ಕೆ.ಇ.ಬಿ ರಸ್ತೆ ಓಲ್ಡ್ ಎನ್.ಹೆಚ್‌.4, ಶೆಟ್ಟಿಹಳ್ಳಿ ಮುಖ್ಯರಸ್ತೆ, ಎಸ್.ಎಸ್.ಪುರಂ, ತುಮಕೂರು
INAUGRAL OFFER
20% DISCOUNT	9900041312
seasons_tumkur
ಪ್ರಕಾಶಕರು, ಮಾಲೀಕರು, ಮುದ್ರಕರು, ಸಂಪಾದಕರು : ಗಂಗಹನುಮಯ್ಯ. ಮುದ್ರಣ : ಶ್ರೀ ಮಾರುತಿ ಆಫ್‌ಸೆಟ್ ಪ್ರಿಂಟರ್ಸ್, ವಿ.ಆರ್.ಕಾಲೋನಿ, ಬೆಳಗುಂಬ ರಸ್ತೆ, ತುಮಕೂರು. ಫೋನ್ : 0816–2275777, ಮೊಬೈಲ್ : 9845213604, 9448769806
Publisher, Owner, Printer, Editor: Gangahanumaiah. Printed at: Maruthi Offset Printers, V.R.Colony, Belagumba Road, Tumakuru. PH: 0816-2275777, Mob:9845213604, 9448769806
